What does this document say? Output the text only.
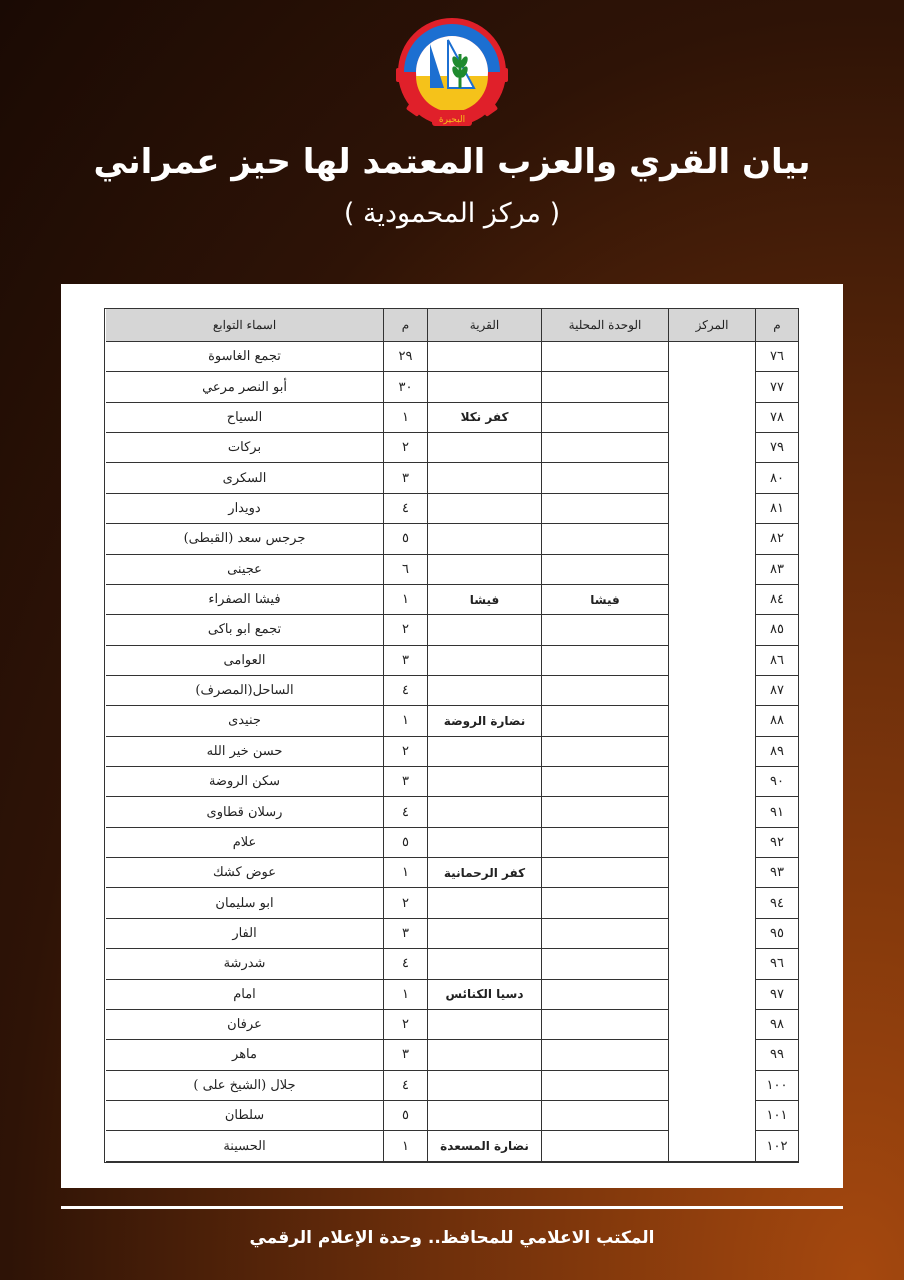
البحيرة
بيان القري والعزب المعتمد لها حيز عمراني
( مركز المحمودية )
م
المركز
الوحدة المحلية
القرية
م
اسماء التوابع
٧٦
٢٩
تجمع الغاسوة
٧٧
٣٠
أبو النصر مرعي
٧٨
كفر نكلا
١
السياح
٧٩
٢
بركات
٨٠
٣
السكرى
٨١
٤
دويدار
٨٢
٥
جرجس سعد (القبطى)
٨٣
٦
عجينى
٨٤
فيشا
فيشا
١
فيشا الصفراء
٨٥
٢
تجمع ابو باكى
٨٦
٣
العوامى
٨٧
٤
الساحل(المصرف)
٨٨
نضارة الروضة
١
جنيدى
٨٩
٢
حسن خير الله
٩٠
٣
سكن الروضة
٩١
٤
رسلان قطاوى
٩٢
٥
علام
٩٣
كفر الرحمانية
١
عوض كشك
٩٤
٢
ابو سليمان
٩٥
٣
الفار
٩٦
٤
شدرشة
٩٧
دسيا الكنائس
١
امام
٩٨
٢
عرفان
٩٩
٣
ماهر
١٠٠
٤
جلال (الشيخ على )
١٠١
٥
سلطان
١٠٢
نضارة المسعدة
١
الحسينة
المكتب الاعلامي للمحافظ.. وحدة الإعلام الرقمي
